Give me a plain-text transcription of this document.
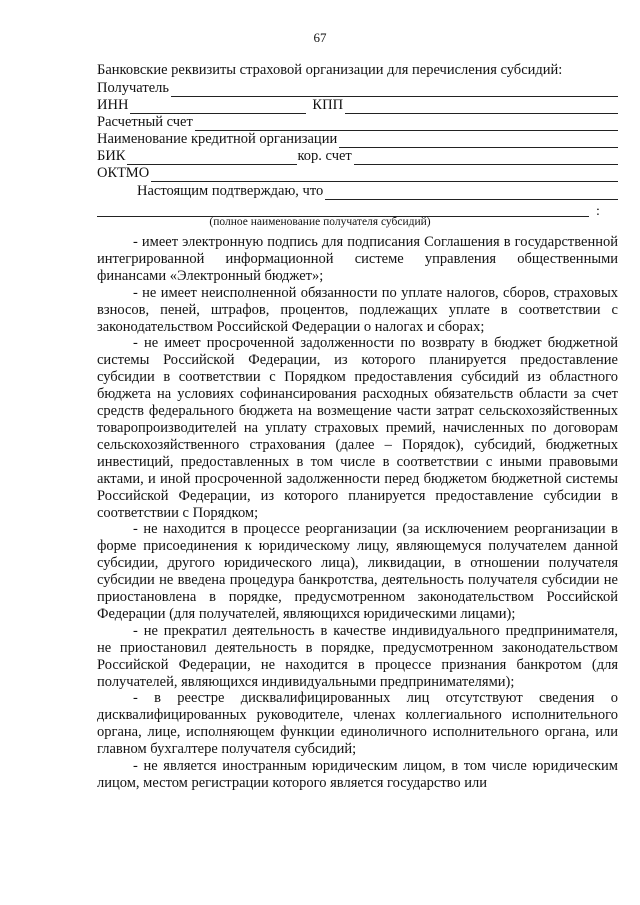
67
Банковские реквизиты страховой организации для перечисления субсидий:
Получатель
ИНН	КПП
Расчетный счет
Наименование кредитной организации
БИК	кор. счет
ОКТМО
Настоящим подтверждаю, что
:
(полное наименование получателя субсидий)

- имеет электронную подпись для подписания Соглашения в государственной интегрированной информационной системе управления общественными финансами «Электронный бюджет»;

- не имеет неисполненной обязанности по уплате налогов, сборов, страховых взносов, пеней, штрафов, процентов, подлежащих уплате в соответствии с законодательством Российской Федерации о налогах и сборах;

- не имеет просроченной задолженности по возврату в бюджет бюджетной системы Российской Федерации, из которого планируется предоставление субсидии в соответствии с Порядком предоставления субсидий из областного бюджета на условиях софинансирования расходных обязательств области за счет средств федерального бюджета на возмещение части затрат сельскохозяйственных товаропроизводителей на уплату страховых премий, начисленных по договорам сельскохозяйственного страхования (далее – Порядок), субсидий, бюджетных инвестиций, предоставленных в том числе в соответствии с иными правовыми актами, и иной просроченной задолженности перед бюджетом бюджетной системы Российской Федерации, из которого планируется предоставление субсидии в соответствии с Порядком;

- не находится в процессе реорганизации (за исключением реорганизации в форме присоединения к юридическому лицу, являющемуся получателем данной субсидии, другого юридического лица), ликвидации, в отношении получателя субсидии не введена процедура банкротства, деятельность получателя субсидии не приостановлена в порядке, предусмотренном законодательством Российской Федерации (для получателей, являющихся юридическими лицами);

- не прекратил деятельность в качестве индивидуального предпринимателя, не приостановил деятельность в порядке, предусмотренном законодательством Российской Федерации, не находится в процессе признания банкротом (для получателей, являющихся индивидуальными предпринимателями);

- в реестре дисквалифицированных лиц отсутствуют сведения о дисквалифицированных руководителе, членах коллегиального исполнительного органа, лице, исполняющем функции единоличного исполнительного органа, или главном бухгалтере получателя субсидий;

- не является иностранным юридическим лицом, в том числе юридическим лицом, местом регистрации которого является государство или
